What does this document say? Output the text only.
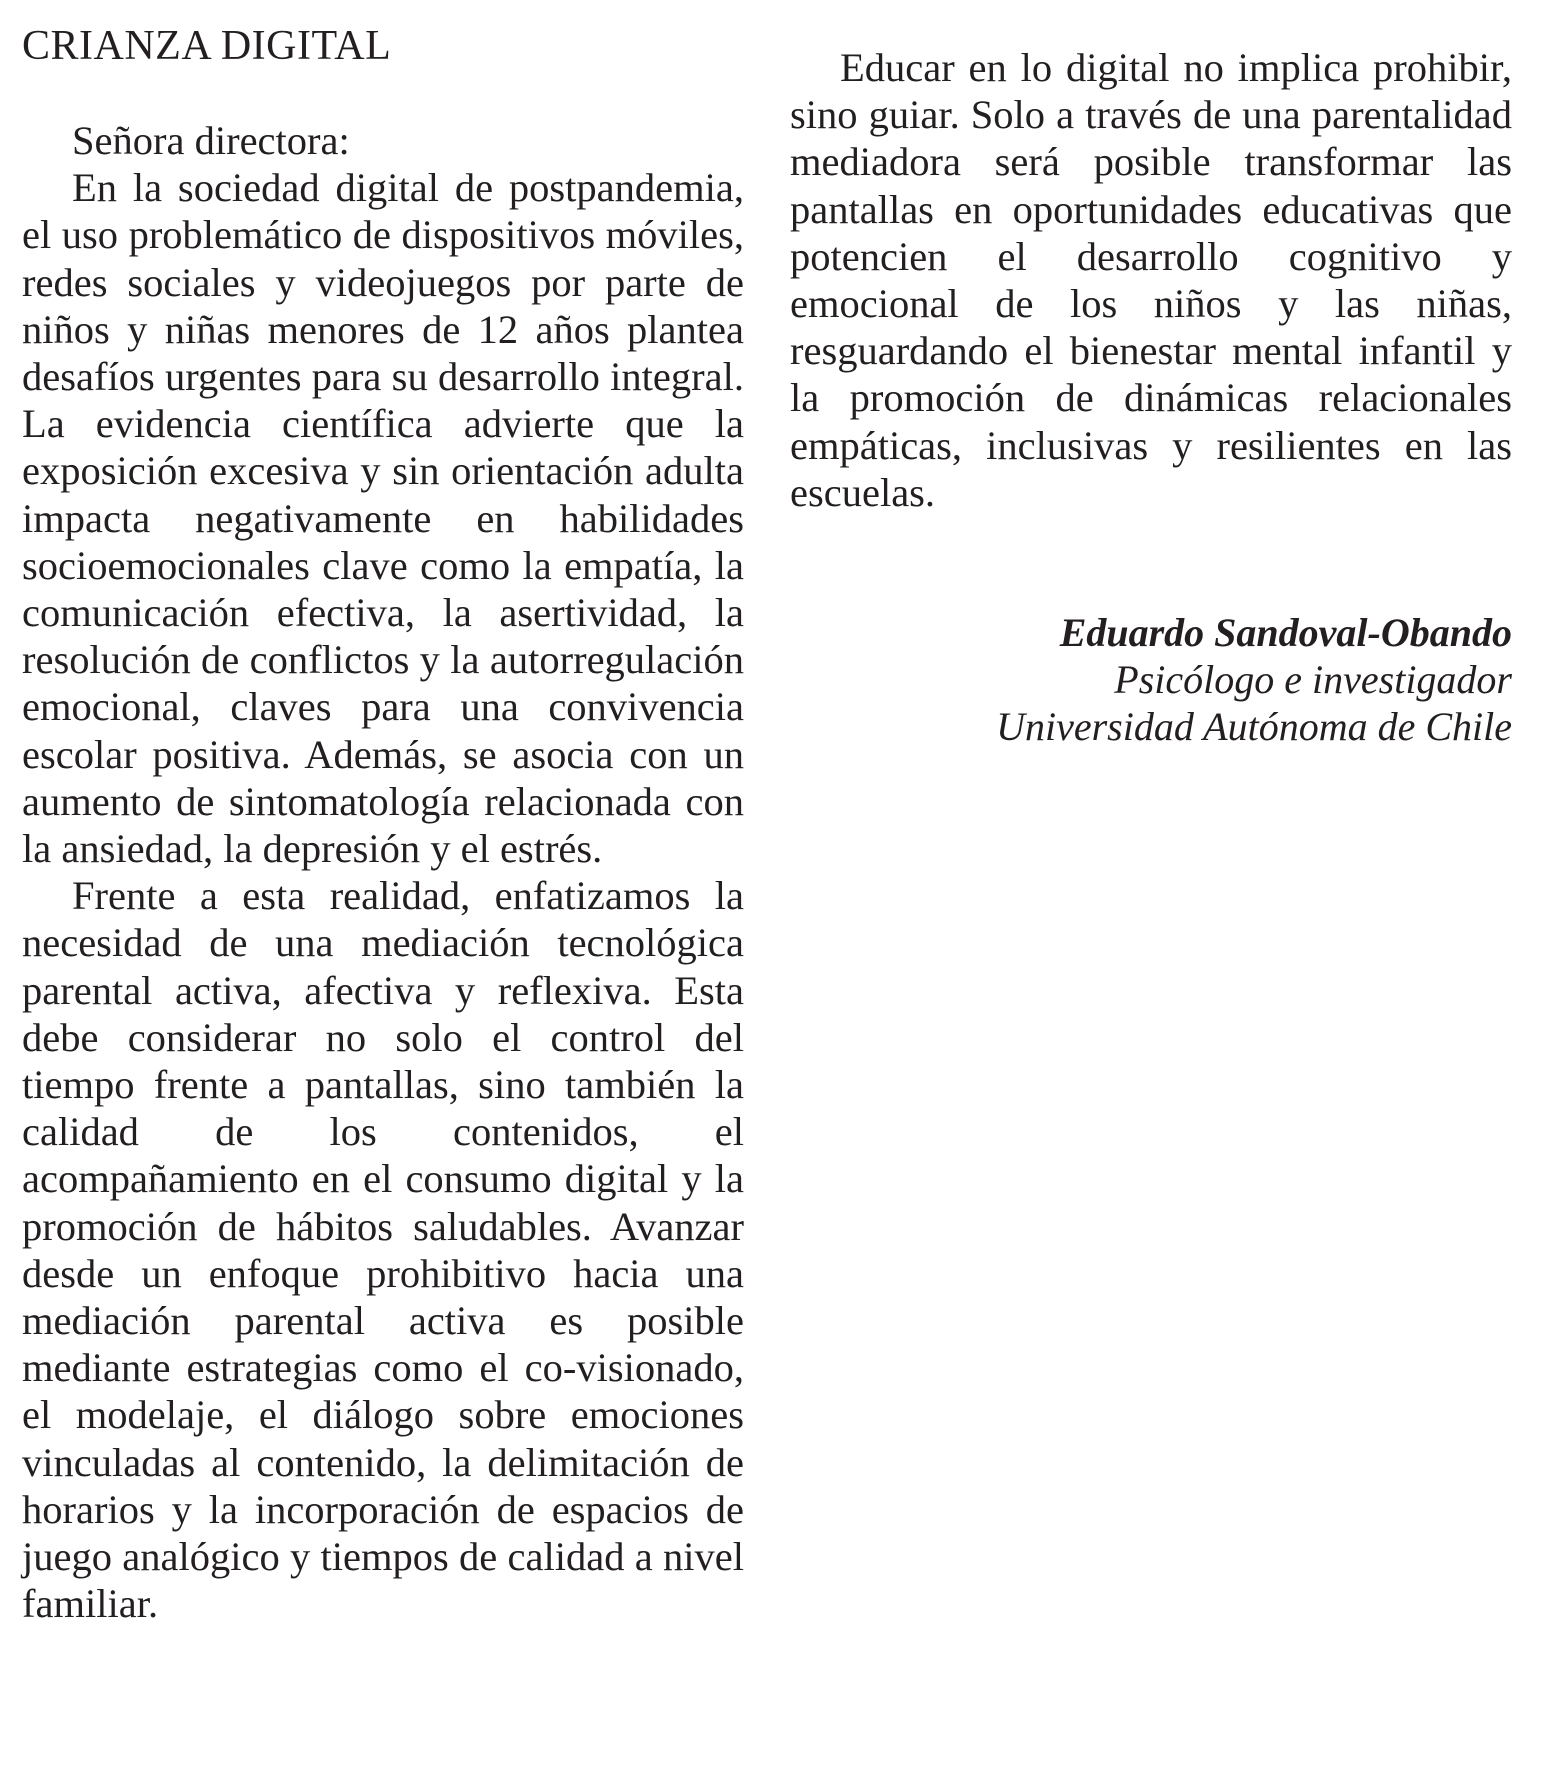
CRIANZA DIGITAL

Señora directora:

En la sociedad digital de postpandemia, el uso problemático de dispositivos móviles, redes sociales y videojuegos por parte de niños y niñas menores de 12 años plantea desafíos urgentes para su desarrollo integral. La evidencia científica advierte que la exposición excesiva y sin orientación adulta impacta negativamente en habilidades socioemocionales clave como la empatía, la comunicación efectiva, la asertividad, la resolución de conflictos y la autorregulación emocional, claves para una convivencia escolar positiva. Además, se asocia con un aumento de sintomatología relacionada con la ansiedad, la depresión y el estrés.

Frente a esta realidad, enfatizamos la necesidad de una mediación tecnológica parental activa, afectiva y reflexiva. Esta debe considerar no solo el control del tiempo frente a pantallas, sino también la calidad de los contenidos, el acompañamiento en el consumo digital y la promoción de hábitos saludables. Avanzar desde un enfoque prohibitivo hacia una mediación parental activa es posible mediante estrategias como el co-visionado, el modelaje, el diálogo sobre emociones vinculadas al contenido, la delimitación de horarios y la incorporación de espacios de juego analógico y tiempos de calidad a nivel familiar.

Educar en lo digital no implica prohibir, sino guiar. Solo a través de una parentalidad mediadora será posible transformar las pantallas en oportunidades educativas que potencien el desarrollo cognitivo y emocional de los niños y las niñas, resguardando el bienestar mental infantil y la promoción de dinámicas relacionales empáticas, inclusivas y resilientes en las escuelas.

Eduardo Sandoval-Obando
Psicólogo e investigador
Universidad Autónoma de Chile
